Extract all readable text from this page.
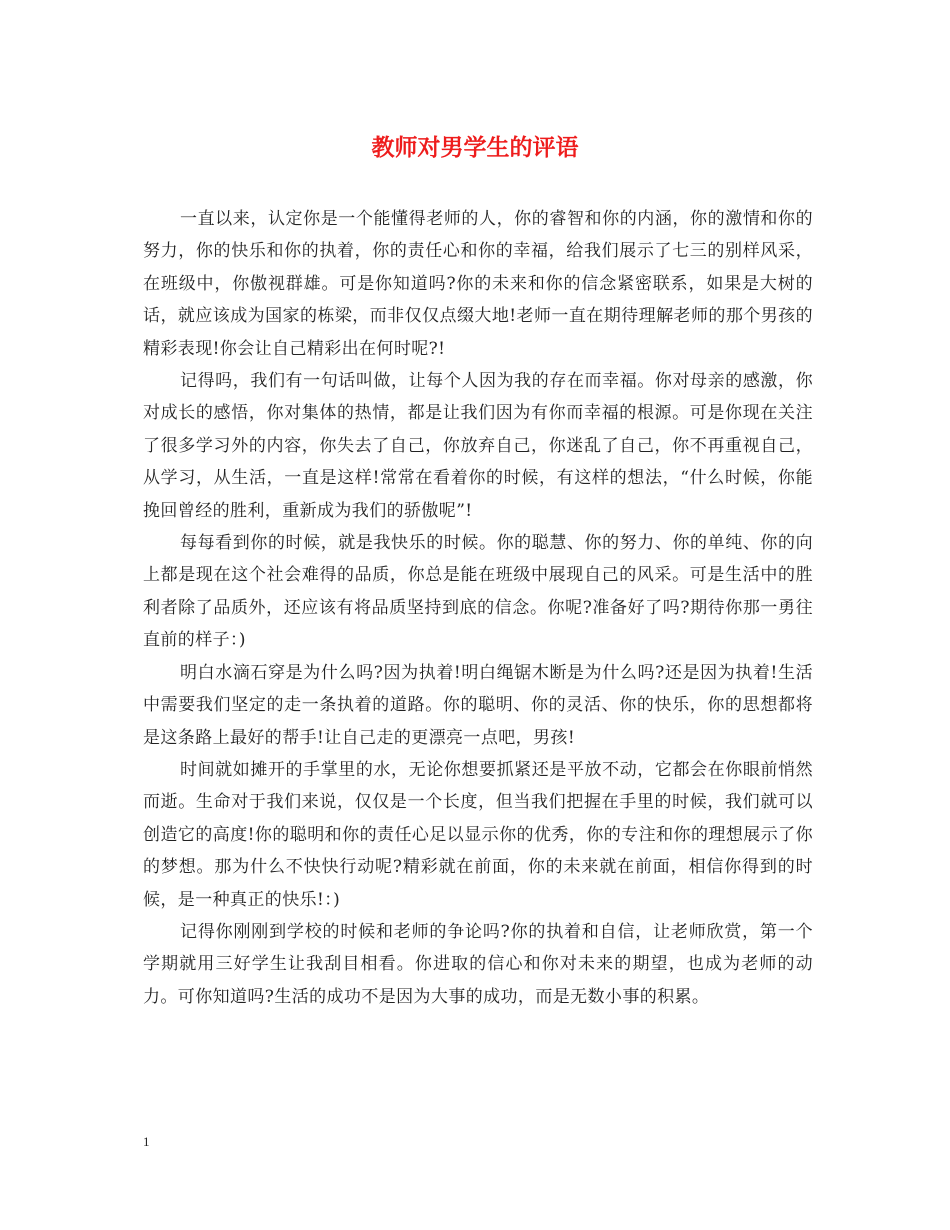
教师对男学生的评语

一直以来，认定你是一个能懂得老师的人，你的睿智和你的内涵，你的激情和你的努力，你的快乐和你的执着，你的责任心和你的幸福，给我们展示了七三的别样风采，在班级中，你傲视群雄。可是你知道吗?你的未来和你的信念紧密联系，如果是大树的话，就应该成为国家的栋梁，而非仅仅点缀大地!老师一直在期待理解老师的那个男孩的精彩表现!你会让自己精彩出在何时呢?!

记得吗，我们有一句话叫做，让每个人因为我的存在而幸福。你对母亲的感激，你对成长的感悟，你对集体的热情，都是让我们因为有你而幸福的根源。可是你现在关注了很多学习外的内容，你失去了自己，你放弃自己，你迷乱了自己，你不再重视自己，从学习，从生活，一直是这样!常常在看着你的时候，有这样的想法，“什么时候，你能挽回曾经的胜利，重新成为我们的骄傲呢”!

每每看到你的时候，就是我快乐的时候。你的聪慧、你的努力、你的单纯、你的向上都是现在这个社会难得的品质，你总是能在班级中展现自己的风采。可是生活中的胜利者除了品质外，还应该有将品质坚持到底的信念。你呢?准备好了吗?期待你那一勇往直前的样子：)

明白水滴石穿是为什么吗?因为执着!明白绳锯木断是为什么吗?还是因为执着!生活中需要我们坚定的走一条执着的道路。你的聪明、你的灵活、你的快乐，你的思想都将是这条路上最好的帮手!让自己走的更漂亮一点吧，男孩!

时间就如摊开的手掌里的水，无论你想要抓紧还是平放不动，它都会在你眼前悄然而逝。生命对于我们来说，仅仅是一个长度，但当我们把握在手里的时候，我们就可以创造它的高度!你的聪明和你的责任心足以显示你的优秀，你的专注和你的理想展示了你的梦想。那为什么不快快行动呢?精彩就在前面，你的未来就在前面，相信你得到的时候，是一种真正的快乐!：)

记得你刚刚到学校的时候和老师的争论吗?你的执着和自信，让老师欣赏，第一个学期就用三好学生让我刮目相看。你进取的信心和你对未来的期望，也成为老师的动力。可你知道吗?生活的成功不是因为大事的成功，而是无数小事的积累。

1
